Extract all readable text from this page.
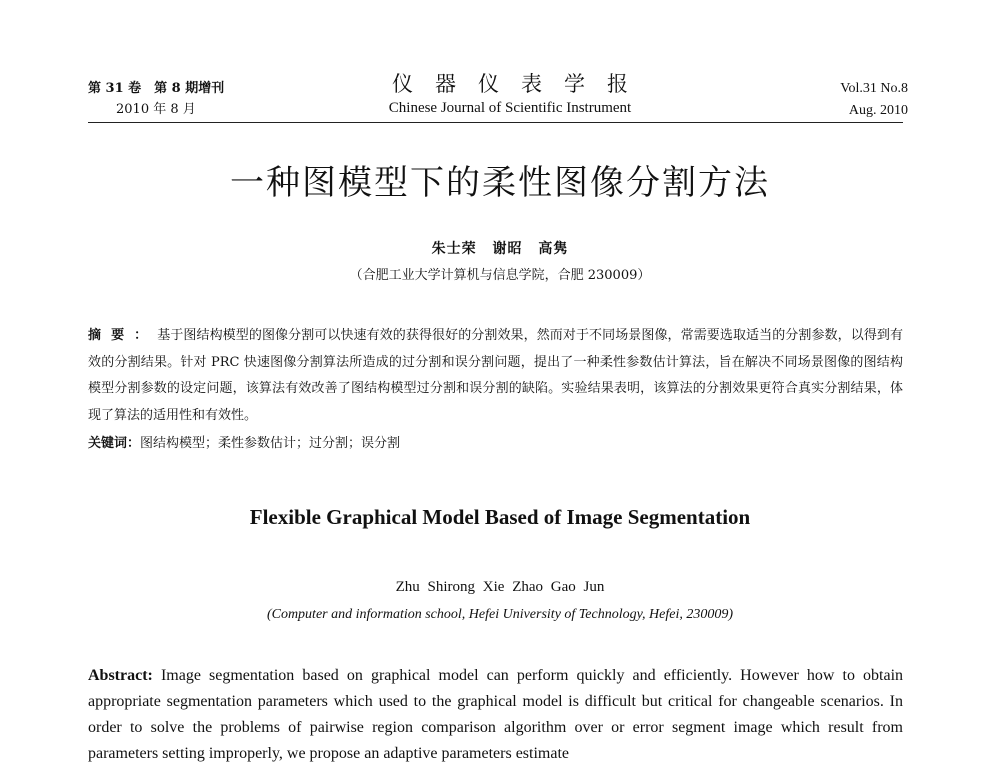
第 31 卷　第 8 期增刊
2010 年 8 月
仪器仪表学报
Chinese Journal of Scientific Instrument
Vol.31 No.8
Aug. 2010
一种图模型下的柔性图像分割方法
朱士荣 谢昭 高隽
（合肥工业大学计算机与信息学院，合肥 230009）
摘要：基于图结构模型的图像分割可以快速有效的获得很好的分割效果，然而对于不同场景图像，常需要选取适当的分割参数，以得到有效的分割结果。针对 PRC 快速图像分割算法所造成的过分割和误分割问题，提出了一种柔性参数估计算法，旨在解决不同场景图像的图结构模型分割参数的设定问题，该算法有效改善了图结构模型过分割和误分割的缺陷。实验结果表明，该算法的分割效果更符合真实分割结果，体现了算法的适用性和有效性。
关键词：图结构模型；柔性参数估计；过分割；误分割
Flexible Graphical Model Based of Image Segmentation
Zhu Shirong Xie Zhao Gao Jun
(Computer and information school, Hefei University of Technology, Hefei, 230009)
Abstract: Image segmentation based on graphical model can perform quickly and efficiently. However how to obtain appropriate segmentation parameters which used to the graphical model is difficult but critical for changeable scenarios. In order to solve the problems of pairwise region comparison algorithm over or error segment image which result from parameters setting improperly, we propose an adaptive parameters estimate
